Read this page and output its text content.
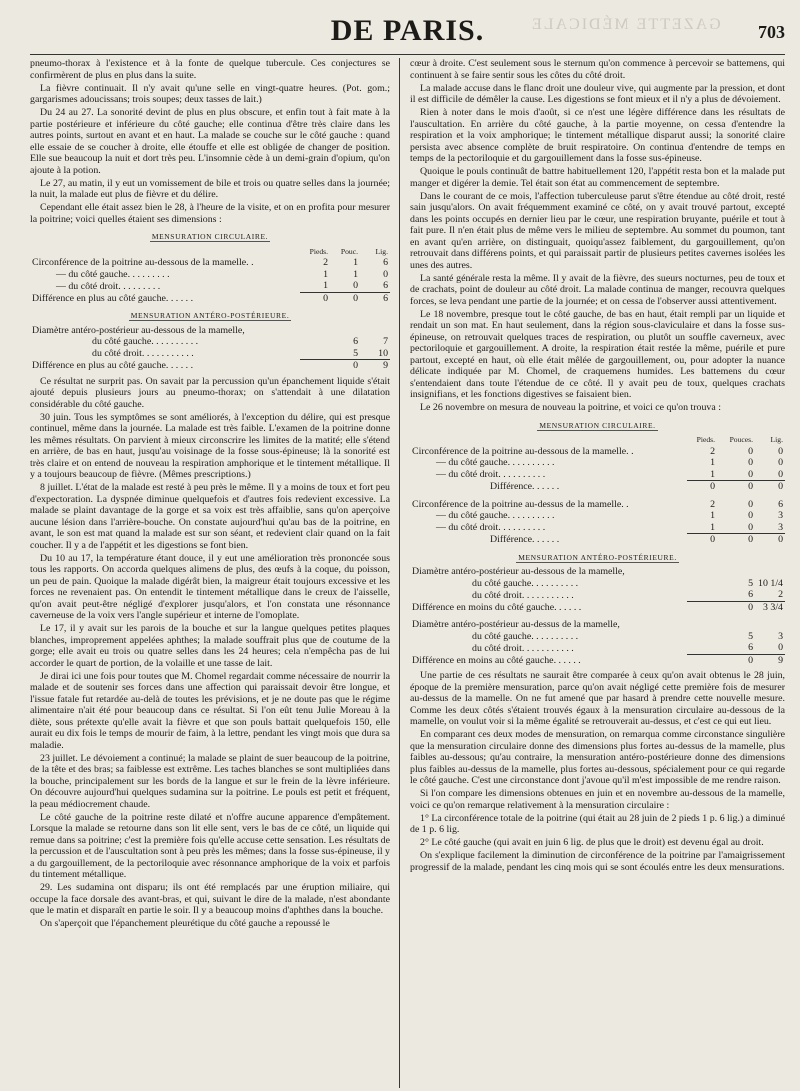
GAZETTE MÉDICALE
DE PARIS.	703

pneumo-thorax à l'existence et à la fonte de quelque tubercule. Ces conjectures se confirmèrent de plus en plus dans la suite.

La fièvre continuait. Il n'y avait qu'une selle en vingt-quatre heures. (Pot. gom.; gargarismes adoucissans; trois soupes; deux tasses de lait.)

Du 24 au 27. La sonorité devint de plus en plus obscure, et enfin tout à fait mate à la partie postérieure et inférieure du côté gauche; elle continua d'être très claire dans les autres points, surtout en avant et en haut. La malade se couche sur le côté gauche : quand elle essaie de se coucher à droite, elle étouffe et elle est obligée de changer de position. Elle sue beaucoup la nuit et dort très peu. L'insomnie cède à un demi-grain d'opium, qu'on ajoute à la potion.

Le 27, au matin, il y eut un vomissement de bile et trois ou quatre selles dans la journée; la nuit, la malade eut plus de fièvre et du délire.

Cependant elle était assez bien le 28, à l'heure de la visite, et on en profita pour mesurer la poitrine; voici quelles étaient ses dimensions :

MENSURATION CIRCULAIRE.
	Pieds.	Pouc.	Lig.
Circonférence de la poitrine au-dessous de la mamelle. .	2	1	6
— du côté gauche. . . . . . . . .	1	1	0
— du côté droit. . . . . . . . .	1	0	6
Différence en plus au côté gauche. . . . . .	0	0	6
MENSURATION ANTÉRO-POSTÉRIEURE.
Diamètre antéro-postérieur au-dessous de la mamelle,			
du côté gauche. . . . . . . . . .		6	7
du côté droit. . . . . . . . . . .		5	10
Différence en plus au côté gauche. . . . . .		0	9

Ce résultat ne surprit pas. On savait par la percussion qu'un épanchement liquide s'était ajouté depuis plusieurs jours au pneumo-thorax; on s'attendait à une dilatation considérable du côté gauche.

30 juin. Tous les symptômes se sont améliorés, à l'exception du délire, qui est presque continuel, même dans la journée. La malade est très faible. L'examen de la poitrine donne les mêmes résultats. On parvient à mieux circonscrire les limites de la matité; elle s'étend en arrière, de bas en haut, jusqu'au voisinage de la fosse sous-épineuse; là la sonorité est très claire et on entend de nouveau la respiration amphorique et le tintement métallique. Il y a toujours beaucoup de fièvre. (Mêmes prescriptions.)

8 juillet. L'état de la malade est resté à peu près le même. Il y a moins de toux et fort peu d'expectoration. La dyspnée diminue quelquefois et d'autres fois redevient excessive. La malade se plaint davantage de la gorge et sa voix est très affaiblie, sans qu'on aperçoive aucune lésion dans l'arrière-bouche. On constate aujourd'hui qu'au bas de la poitrine, en avant, le son est mat quand la malade est sur son séant, et redevient clair quand on la fait coucher. Il y a de l'appétit et les digestions se font bien.

Du 10 au 17, la température étant douce, il y eut une amélioration très prononcée sous tous les rapports. On accorda quelques alimens de plus, des œufs à la coque, du poisson, un peu de pain. Quoique la malade digérât bien, la maigreur était toujours excessive et les forces ne revenaient pas. On entendit le tintement métallique dans le creux de l'aisselle, qu'on avait peut-être négligé d'explorer jusqu'alors, et l'on constata une résonnance caverneuse de la voix vers l'angle supérieur et interne de l'omoplate.

Le 17, il y avait sur les parois de la bouche et sur la langue quelques petites plaques blanches, improprement appelées aphthes; la malade souffrait plus que de coutume de la gorge; elle avait eu trois ou quatre selles dans les 24 heures; cela n'empêcha pas de lui accorder le quart de portion, de la volaille et une tasse de lait.

Je dirai ici une fois pour toutes que M. Chomel regardait comme nécessaire de nourrir la malade et de soutenir ses forces dans une affection qui paraissait devoir être longue, et l'issue fatale fut retardée au-delà de toutes les prévisions, et je ne doute pas que le régime alimentaire n'ait été pour beaucoup dans ce résultat. Si l'on eût tenu Julie Moreau à la diète, sous prétexte qu'elle avait la fièvre et que son pouls battait quelquefois 150, elle aurait eu dix fois le temps de mourir de faim, à la lettre, pendant les vingt mois que dura sa maladie.

23 juillet. Le dévoiement a continué; la malade se plaint de suer beaucoup de la poitrine, de la tête et des bras; sa faiblesse est extrême. Les taches blanches se sont multipliées dans la bouche, principalement sur les bords de la langue et sur le frein de la lèvre inférieure. On découvre aujourd'hui quelques sudamina sur la poitrine. Le pouls est petit et fréquent, la peau médiocrement chaude.

Le côté gauche de la poitrine reste dilaté et n'offre aucune apparence d'empâtement. Lorsque la malade se retourne dans son lit elle sent, vers le bas de ce côté, un liquide qui remue dans sa poitrine; c'est la première fois qu'elle accuse cette sensation. Les résultats de la percussion et de l'auscultation sont à peu près les mêmes; dans la fosse sus-épineuse, il y a du gargouillement, de la pectoriloquie avec résonnance amphorique de la voix et parfois du tintement métallique.

29. Les sudamina ont disparu; ils ont été remplacés par une éruption miliaire, qui occupe la face dorsale des avant-bras, et qui, suivant le dire de la malade, n'est abondante que le matin et disparaît en partie le soir. Il y a beaucoup moins d'aphthes dans la bouche.

On s'aperçoit que l'épanchement pleurétique du côté gauche a repoussé le

cœur à droite. C'est seulement sous le sternum qu'on commence à percevoir se battemens, qui continuent à se faire sentir sous les côtes du côté droit.

La malade accuse dans le flanc droit une douleur vive, qui augmente par la pression, et dont il est difficile de démêler la cause. Les digestions se font mieux et il n'y a plus de dévoiement.

Rien à noter dans le mois d'août, si ce n'est une légère différence dans les résultats de l'auscultation. En arrière du côté gauche, à la partie moyenne, on cessa d'entendre la respiration et la voix amphorique; le tintement métallique disparut aussi; la sonorité claire persista avec absence complète de bruit respiratoire. On continua d'entendre de temps en temps de la pectoriloquie et du gargouillement dans la fosse sus-épineuse.

Quoique le pouls continuât de battre habituellement 120, l'appétit resta bon et la malade put manger et digérer la demie. Tel était son état au commencement de septembre.

Dans le courant de ce mois, l'affection tuberculeuse parut s'être étendue au côté droit, resté sain jusqu'alors. On avait fréquemment examiné ce côté, on y avait trouvé partout, excepté dans les points occupés en dernier lieu par le cœur, une respiration bruyante, puérile et tout à fait pure. Il n'en était plus de même vers le milieu de septembre. Au sommet du poumon, tant en avant qu'en arrière, on distinguait, quoiqu'assez faiblement, du gargouillement, qu'on retrouvait dans différens points, et qui paraissait partir de plusieurs petites cavernes isolées les unes des autres.

La santé générale resta la même. Il y avait de la fièvre, des sueurs nocturnes, peu de toux et de crachats, point de douleur au côté droit. La malade continua de manger, recouvra quelques forces, se leva pendant une partie de la journée; et on cessa de l'observer aussi attentivement.

Le 18 novembre, presque tout le côté gauche, de bas en haut, était rempli par un liquide et rendait un son mat. En haut seulement, dans la région sous-claviculaire et dans la fosse sus-épineuse, on retrouvait quelques traces de respiration, ou plutôt un souffle caverneux, avec pectoriloquie et gargouillement. A droite, la respiration était restée la même, puérile et pure partout, excepté en haut, où elle était mêlée de gargouillement, ou, pour adopter la nuance délicate indiquée par M. Chomel, de craquemens humides. Les battemens du cœur s'entendaient dans toute l'étendue de ce côté. Il y avait peu de toux, quelques crachats insignifians, et les fonctions digestives se faisaient bien.

Le 26 novembre on mesura de nouveau la poitrine, et voici ce qu'on trouva :

MENSURATION CIRCULAIRE.
	Pieds.	Pouces.	Lig.
Circonférence de la poitrine au-dessous de la mamelle. .	2	0	0
— du côté gauche. . . . . . . . . .	1	0	0
— du côté droit. . . . . . . . . .	1	0	0
Différence. . . . . .	0	0	0

Circonférence de la poitrine au-dessus de la mamelle. .	2	0	6
— du côté gauche. . . . . . . . . .	1	0	3
— du côté droit. . . . . . . . . .	1	0	3
Différence. . . . . .	0	0	0
MENSURATION ANTÉRO-POSTÉRIEURE.
Diamètre antéro-postérieur au-dessous de la mamelle,			
du côté gauche. . . . . . . . . .		5	10 1/4
du côté droit. . . . . . . . . . .		6	2
Différence en moins du côté gauche. . . . . .		0	3 3/4

Diamètre antéro-postérieur au-dessus de la mamelle,			
du côté gauche. . . . . . . . . .		5	3
du côté droit. . . . . . . . . . .		6	0
Différence en moins au côté gauche. . . . . .		0	9

Une partie de ces résultats ne saurait être comparée à ceux qu'on avait obtenus le 28 juin, époque de la première mensuration, parce qu'on avait négligé cette première fois de mesurer au-dessus de la mamelle. On ne fut amené que par hasard à prendre cette nouvelle mesure. Comme les deux côtés s'étaient trouvés égaux à la mensuration circulaire au-dessous de la mamelle, on voulut voir si la même égalité se retrouverait au-dessus, et c'est ce qui eut lieu.

En comparant ces deux modes de mensuration, on remarqua comme circonstance singulière que la mensuration circulaire donne des dimensions plus fortes au-dessus de la mamelle, plus faibles au-dessous; qu'au contraire, la mensuration antéro-postérieure donne des dimensions plus faibles au-dessus de la mamelle, plus fortes au-dessous, spécialement pour ce qui regarde le côté gauche. C'est une circonstance dont j'avoue qu'il m'est impossible de me rendre raison.

Si l'on compare les dimensions obtenues en juin et en novembre au-dessous de la mamelle, voici ce qu'on remarque relativement à la mensuration circulaire :

1° La circonférence totale de la poitrine (qui était au 28 juin de 2 pieds 1 p. 6 lig.) a diminué de 1 p. 6 lig.

2° Le côté gauche (qui avait en juin 6 lig. de plus que le droit) est devenu égal au droit.

On s'explique facilement la diminution de circonférence de la poitrine par l'amaigrissement progressif de la malade, pendant les cinq mois qui se sont écoulés entre les deux mensurations.
